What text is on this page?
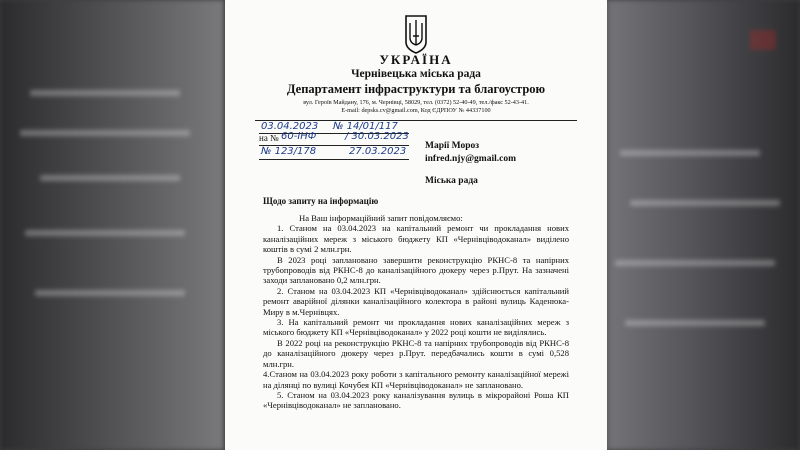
УКРАЇНА
Чернівецька міська рада
Департамент інфраструктури та благоустрою
вул. Героїв Майдану, 176, м. Чернівці, 58029, тел. (0372) 52-40-49, тел./факс 52-43-41.
E-mail: depsks.cv@gmail.com, Код ЄДРПОУ № 44337100
03.04.2023 № 14/01/117
на № 60-ІНФ	/ 30.03.2023
№ 123/178	27.03.2023 Марії Мороз
infred.njy@gmail.com
Міська рада
Щодо запиту на інформацію
На Ваш інформаційний запит повідомляємо:
1. Станом на 03.04.2023 на капітальний ремонт чи прокладання нових каналізаційних мереж з міського бюджету КП «Чернівціводоканал» виділено коштів в сумі 2 млн.грн.
В 2023 році заплановано завершити реконструкцію РКНС-8 та напірних трубопроводів від РКНС-8 до каналізаційного дюкеру через р.Прут. На зазначені заходи заплановано 0,2 млн.грн.
2. Станом на 03.04.2023 КП «Чернівціводоканал» здійснюється капітальний ремонт аварійної ділянки каналізаційного колектора в районі вулиць Каденюка-Миру в м.Чернівцях.
3. На капітальний ремонт чи прокладання нових каналізаційних мереж з міського бюджету КП «Чернівціводоканал» у 2022 році кошти не виділялись.
В 2022 році на реконструкцію РКНС-8 та напірних трубопроводів від РКНС-8 до каналізаційного дюкеру через р.Прут. передбачались кошти в сумі 0,528 млн.грн.
4.Станом на 03.04.2023 року роботи з капітального ремонту каналізаційної мережі на ділянці по вулиці Кочубея КП «Чернівціводоканал» не заплановано.
5. Станом на 03.04.2023 року каналізування вулиць в мікрорайоні Роша КП «Чернівціводоканал» не заплановано.
